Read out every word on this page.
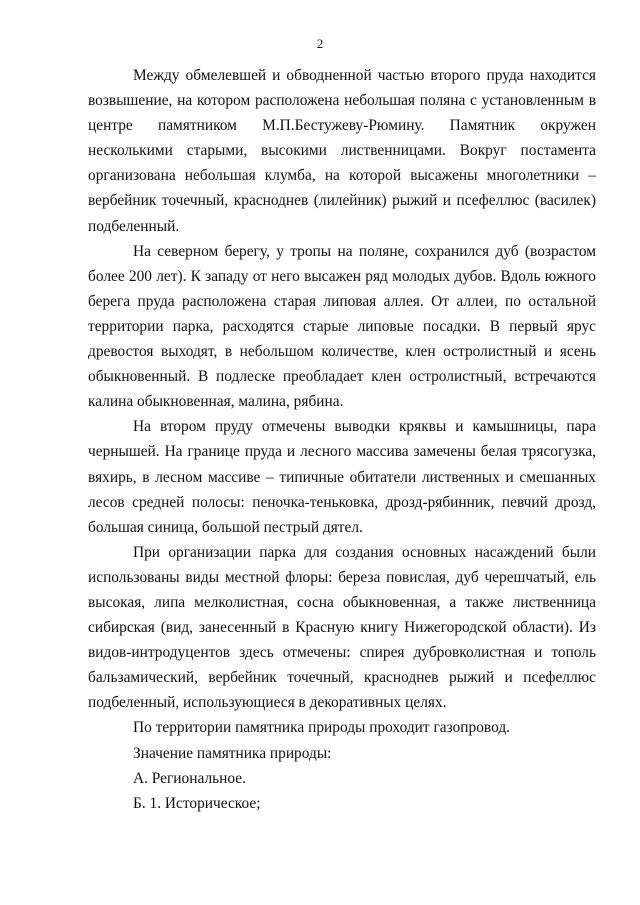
2

Между обмелевшей и обводненной частью второго пруда находится возвышение, на котором расположена небольшая поляна с установленным в центре памятником М.П.Бестужеву-Рюмину. Памятник окружен несколькими старыми, высокими лиственницами. Вокруг постамента организована небольшая клумба, на которой высажены многолетники – вербейник точечный, красноднев (лилейник) рыжий и псефеллюс (василек) подбеленный.

На северном берегу, у тропы на поляне, сохранился дуб (возрастом более 200 лет). К западу от него высажен ряд молодых дубов. Вдоль южного берега пруда расположена старая липовая аллея. От аллеи, по остальной территории парка, расходятся старые липовые посадки. В первый ярус древостоя выходят, в небольшом количестве, клен остролистный и ясень обыкновенный. В подлеске преобладает клен остролистный, встречаются калина обыкновенная, малина, рябина.

На втором пруду отмечены выводки кряквы и камышницы, пара чернышей. На границе пруда и лесного массива замечены белая трясогузка, вяхирь, в лесном массиве – типичные обитатели лиственных и смешанных лесов средней полосы: пеночка-теньковка, дрозд-рябинник, певчий дрозд, большая синица, большой пестрый дятел.

При организации парка для создания основных насаждений были использованы виды местной флоры: береза повислая, дуб черешчатый, ель высокая, липа мелколистная, сосна обыкновенная, а также лиственница сибирская (вид, занесенный в Красную книгу Нижегородской области). Из видов-интродуцентов здесь отмечены: спирея дубровколистная и тополь бальзамический, вербейник точечный, красноднев рыжий и псефеллюс подбеленный, использующиеся в декоративных целях.

По территории памятника природы проходит газопровод.

Значение памятника природы:

А. Региональное.

Б. 1. Историческое;
